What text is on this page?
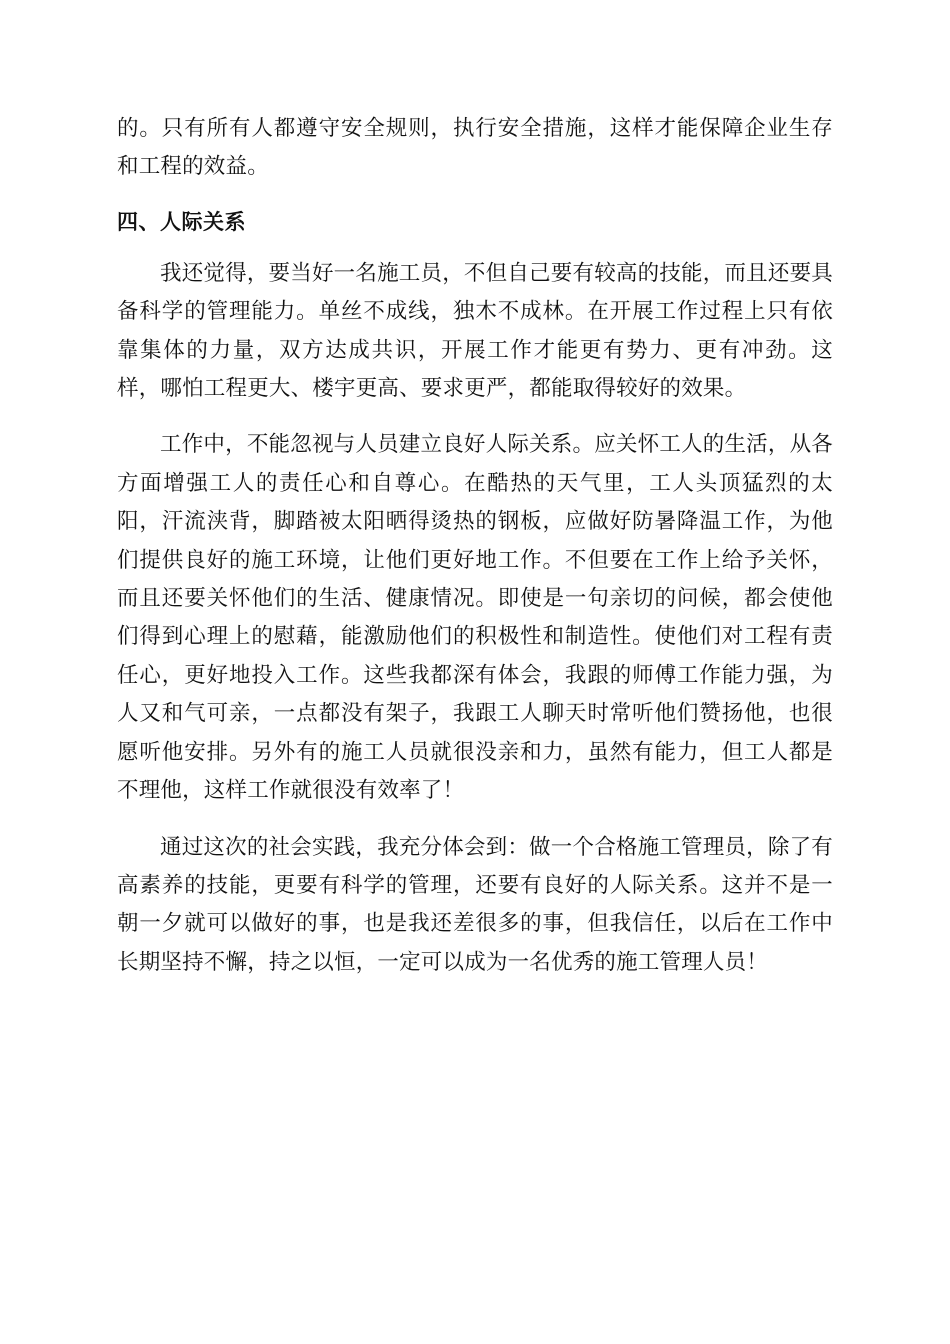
的。只有所有人都遵守安全规则，执行安全措施，这样才能保障企业生存和工程的效益。

四、人际关系

我还觉得，要当好一名施工员，不但自己要有较高的技能，而且还要具备科学的管理能力。单丝不成线，独木不成林。在开展工作过程上只有依靠集体的力量，双方达成共识，开展工作才能更有势力、更有冲劲。这样，哪怕工程更大、楼宇更高、要求更严，都能取得较好的效果。

工作中，不能忽视与人员建立良好人际关系。应关怀工人的生活，从各方面增强工人的责任心和自尊心。在酷热的天气里，工人头顶猛烈的太阳，汗流浃背，脚踏被太阳晒得烫热的钢板，应做好防暑降温工作，为他们提供良好的施工环境，让他们更好地工作。不但要在工作上给予关怀，而且还要关怀他们的生活、健康情况。即使是一句亲切的问候，都会使他们得到心理上的慰藉，能激励他们的积极性和制造性。使他们对工程有责任心，更好地投入工作。这些我都深有体会，我跟的师傅工作能力强，为人又和气可亲，一点都没有架子，我跟工人聊天时常听他们赞扬他，也很愿听他安排。另外有的施工人员就很没亲和力，虽然有能力，但工人都是不理他，这样工作就很没有效率了！

通过这次的社会实践，我充分体会到：做一个合格施工管理员，除了有高素养的技能，更要有科学的管理，还要有良好的人际关系。这并不是一朝一夕就可以做好的事，也是我还差很多的事，但我信任，以后在工作中长期坚持不懈，持之以恒，一定可以成为一名优秀的施工管理人员！
